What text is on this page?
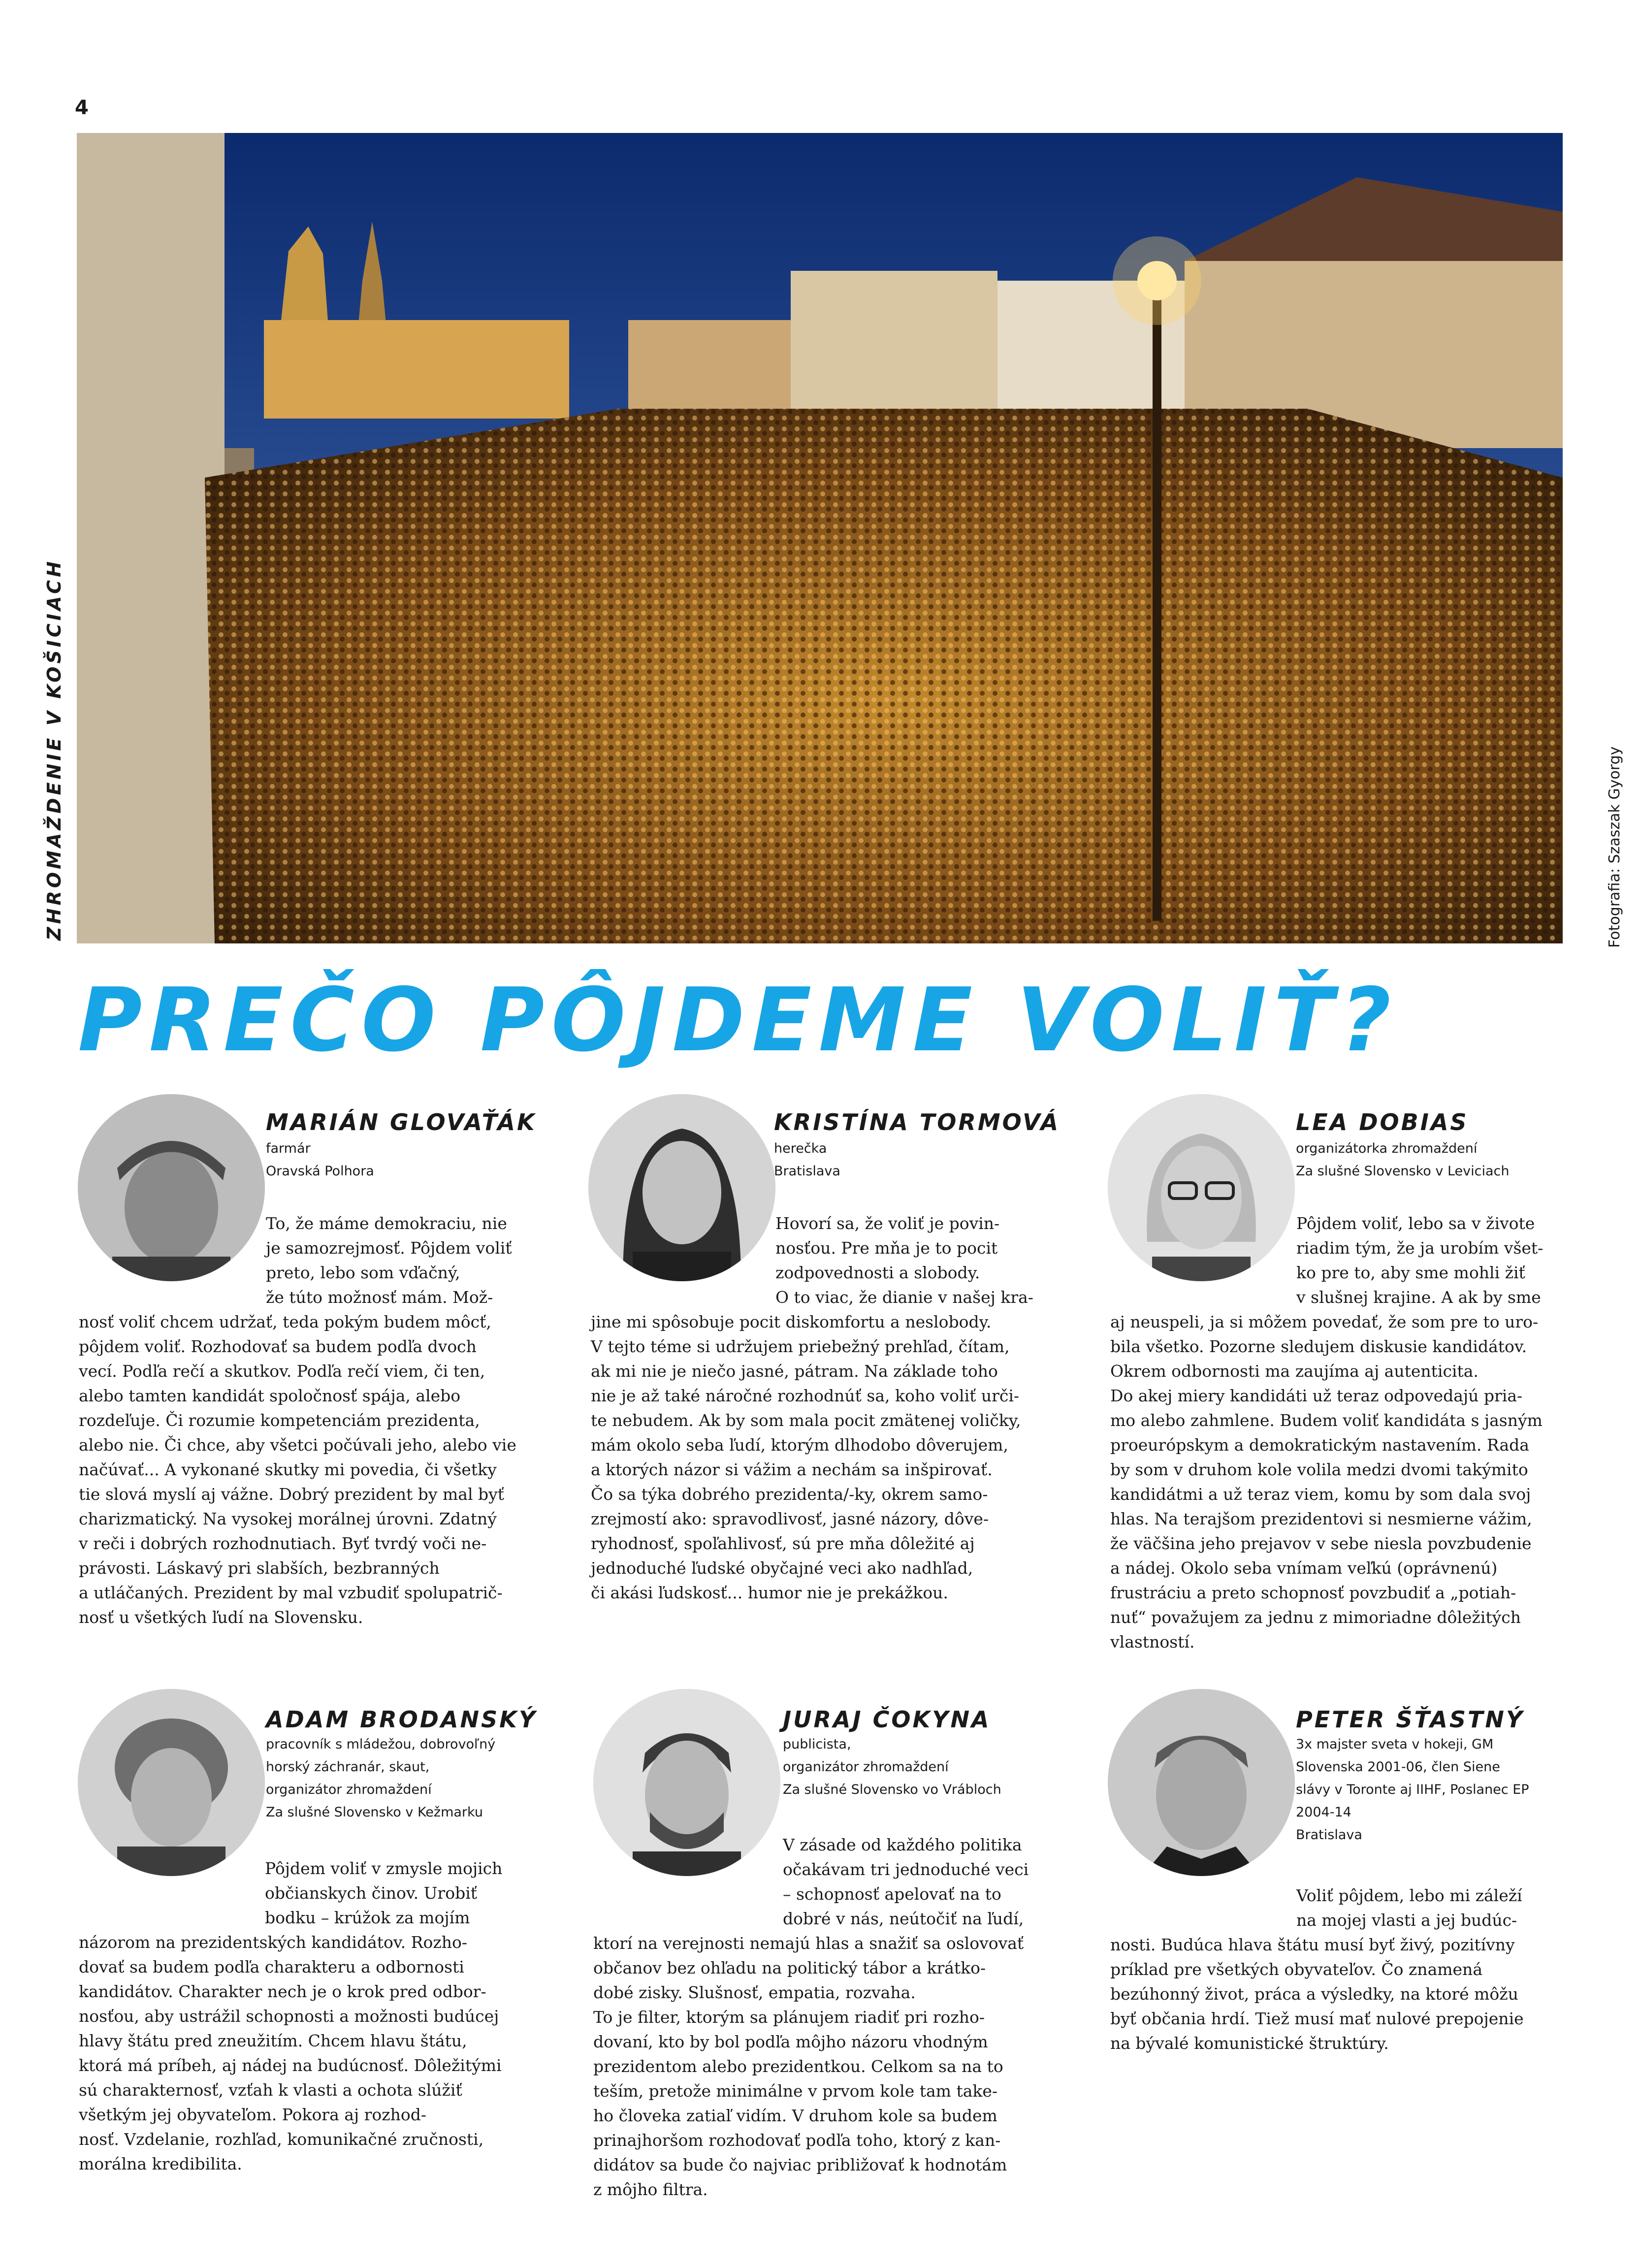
4
ZHROMAŽDENIE V KOŠICIACH	Fotografia: Szaszak Gyorgy
PREČO PÔJDEME VOLIŤ?
MARIÁN GLOVAŤÁK
farmár
Oravská Polhora
To, že máme demokraciu, nie
je samozrejmosť. Pôjdem voliť
preto, lebo som vďačný,
že túto možnosť mám. Mož-
nosť voliť chcem udržať, teda pokým budem môcť,
pôjdem voliť. Rozhodovať sa budem podľa dvoch
vecí. Podľa rečí a skutkov. Podľa rečí viem, či ten,
alebo tamten kandidát spoločnosť spája, alebo
rozdeľuje. Či rozumie kompetenciám prezidenta,
alebo nie. Či chce, aby všetci počúvali jeho, alebo vie
načúvať... A vykonané skutky mi povedia, či všetky
tie slová myslí aj vážne. Dobrý prezident by mal byť
charizmatický. Na vysokej morálnej úrovni. Zdatný
v reči i dobrých rozhodnutiach. Byť tvrdý voči ne-
právosti. Láskavý pri slabších, bezbranných
a utláčaných. Prezident by mal vzbudiť spolupatrič-
nosť u všetkých ľudí na Slovensku.
KRISTÍNA TORMOVÁ
herečka
Bratislava
Hovorí sa, že voliť je povin-
nosťou. Pre mňa je to pocit
zodpovednosti a slobody.
O to viac, že dianie v našej kra-
jine mi spôsobuje pocit diskomfortu a neslobody.
V tejto téme si udržujem priebežný prehľad, čítam,
ak mi nie je niečo jasné, pátram. Na základe toho
nie je až také náročné rozhodnúť sa, koho voliť urči-
te nebudem. Ak by som mala pocit zmätenej voličky,
mám okolo seba ľudí, ktorým dlhodobo dôverujem,
a ktorých názor si vážim a nechám sa inšpirovať.
Čo sa týka dobrého prezidenta/-ky, okrem samo-
zrejmostí ako: spravodlivosť, jasné názory, dôve-
ryhodnosť, spoľahlivosť, sú pre mňa dôležité aj
jednoduché ľudské obyčajné veci ako nadhľad,
či akási ľudskosť... humor nie je prekážkou.
LEA DOBIAS
organizátorka zhromaždení
Za slušné Slovensko v Leviciach
Pôjdem voliť, lebo sa v živote
riadim tým, že ja urobím všet-
ko pre to, aby sme mohli žiť
v slušnej krajine. A ak by sme
aj neuspeli, ja si môžem povedať, že som pre to uro-
bila všetko. Pozorne sledujem diskusie kandidátov.
Okrem odbornosti ma zaujíma aj autenticita.
Do akej miery kandidáti už teraz odpovedajú pria-
mo alebo zahmlene. Budem voliť kandidáta s jasným
proeurópskym a demokratickým nastavením. Rada
by som v druhom kole volila medzi dvomi takýmito
kandidátmi a už teraz viem, komu by som dala svoj
hlas. Na terajšom prezidentovi si nesmierne vážim,
že väčšina jeho prejavov v sebe niesla povzbudenie
a nádej. Okolo seba vnímam veľkú (oprávnenú)
frustráciu a preto schopnosť povzbudiť a „potiah-
nuť“ považujem za jednu z mimoriadne dôležitých
vlastností.
ADAM BRODANSKÝ
pracovník s mládežou, dobrovoľný
horský záchranár, skaut,
organizátor zhromaždení
Za slušné Slovensko v Kežmarku
Pôjdem voliť v zmysle mojich
občianskych činov. Urobiť
bodku – krúžok za mojím
názorom na prezidentských kandidátov. Rozho-
dovať sa budem podľa charakteru a odbornosti
kandidátov. Charakter nech je o krok pred odbor-
nosťou, aby ustrážil schopnosti a možnosti budúcej
hlavy štátu pred zneužitím. Chcem hlavu štátu,
ktorá má príbeh, aj nádej na budúcnosť. Dôležitými
sú charakternosť, vzťah k vlasti a ochota slúžiť
všetkým jej obyvateľom. Pokora aj rozhod-
nosť. Vzdelanie, rozhľad, komunikačné zručnosti,
morálna kredibilita.
JURAJ ČOKYNA
publicista,
organizátor zhromaždení
Za slušné Slovensko vo Vrábloch
V zásade od každého politika
očakávam tri jednoduché veci
– schopnosť apelovať na to
dobré v nás, neútočiť na ľudí,
ktorí na verejnosti nemajú hlas a snažiť sa oslovovať
občanov bez ohľadu na politický tábor a krátko-
dobé zisky. Slušnosť, empatia, rozvaha.
To je filter, ktorým sa plánujem riadiť pri rozho-
dovaní, kto by bol podľa môjho názoru vhodným
prezidentom alebo prezidentkou. Celkom sa na to
teším, pretože minimálne v prvom kole tam take-
ho človeka zatiaľ vidím. V druhom kole sa budem
prinajhoršom rozhodovať podľa toho, ktorý z kan-
didátov sa bude čo najviac približovať k hodnotám
z môjho filtra.
PETER ŠŤASTNÝ
3x majster sveta v hokeji, GM
Slovenska 2001-06, člen Siene
slávy v Toronte aj IIHF, Poslanec EP
2004-14
Bratislava
Voliť pôjdem, lebo mi záleží
na mojej vlasti a jej budúc-
nosti. Budúca hlava štátu musí byť živý, pozitívny
príklad pre všetkých obyvateľov. Čo znamená
bezúhonný život, práca a výsledky, na ktoré môžu
byť občania hrdí. Tiež musí mať nulové prepojenie
na bývalé komunistické štruktúry.
